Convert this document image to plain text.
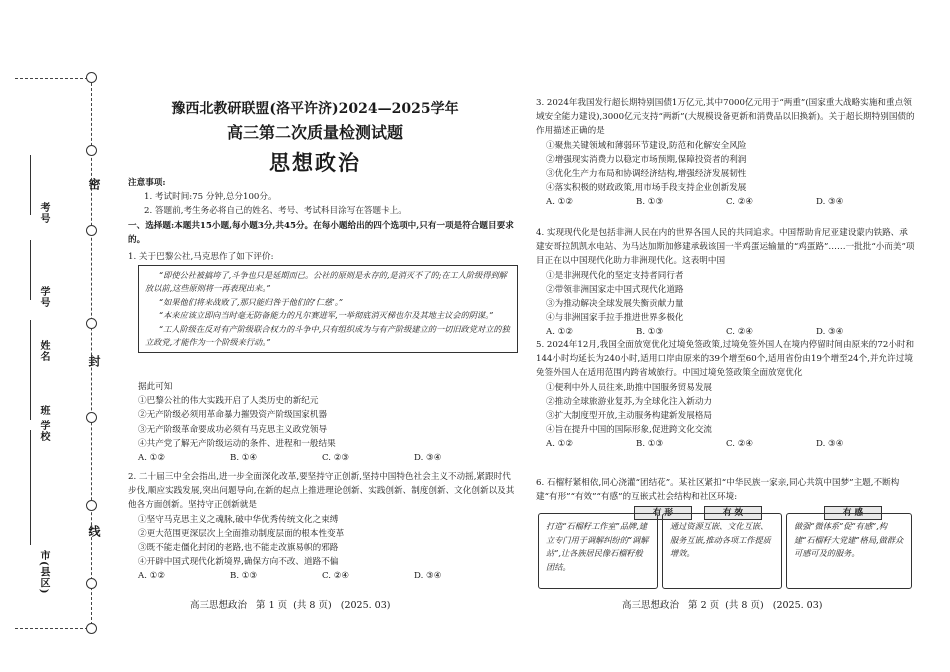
密
封
线
考号
学号
姓名
班
学校
市(县区)
豫西北教研联盟(洛平许济)2024—2025学年
高三第二次质量检测试题
思想政治
注意事项:
1. 考试时间:75 分钟,总分100分。
2. 答题前,考生务必将自己的姓名、考号、考试科目涂写在答题卡上。
一、选择题:本题共15小题,每小题3分,共45分。在每小题给出的四个选项中,只有一项是符合题目要求的。
1. 关于巴黎公社,马克思作了如下评价:

“即使公社被搞垮了,斗争也只是延期而已。公社的原则是永存的,是消灭不了的;在工人阶级得到解放以前,这些原则将一再表现出来。”

“如果他们将来战败了,那只能归咎于他们的‘仁慈’。”

“本来应该立即向当时毫无防备能力的凡尔赛进军,一举彻底消灭梯也尔及其地主议会的阴谋。”

“工人阶级在反对有产阶级联合权力的斗争中,只有组织成为与有产阶级建立的一切旧政党对立的独立政党,才能作为一个阶级来行动。”

据此可知
①巴黎公社的伟大实践开启了人类历史的新纪元
②无产阶级必须用革命暴力摧毁资产阶级国家机器
③无产阶级革命要成功必须有马克思主义政党领导
④共产党了解无产阶级运动的条件、进程和一般结果
A. ①②	B. ①④	C. ②③	D. ③④
2. 二十届三中全会指出,进一步全面深化改革,要坚持守正创新,坚持中国特色社会主义不动摇,紧跟时代步伐,顺应实践发展,突出问题导向,在新的起点上推进理论创新、实践创新、制度创新、文化创新以及其他各方面创新。坚持守正创新就是
①坚守马克思主义之魂脉,破中华优秀传统文化之束缚
②更大范围更深层次上全面推动制度层面的根本性变革
③既不能走僵化封闭的老路,也不能走改旗易帜的邪路
④开辟中国式现代化新境界,确保方向不改、道路不偏
A. ①②	B. ①③	C. ②④	D. ③④
高三思想政治   第 1 页  (共 8 页)   (2025. 03)
3. 2024年我国发行超长期特别国债1万亿元,其中7000亿元用于“两重”(国家重大战略实施和重点领域安全能力建设),3000亿元支持“两新”(大规模设备更新和消费品以旧换新)。关于超长期特别国债的作用描述正确的是
①聚焦关键领域和薄弱环节建设,防范和化解安全风险
②增强现实消费力以稳定市场预期,保障投资者的利润
③优化生产力布局和协调经济结构,增强经济发展韧性
④落实积极的财政政策,用市场手段支持企业创新发展
A. ①②	B. ①③	C. ②④	D. ③④
4. 实现现代化是包括非洲人民在内的世界各国人民的共同追求。中国帮助肯尼亚建设蒙内铁路、承建安哥拉凯凯水电站、为马达加斯加修建承载该国一半鸡蛋运输量的“鸡蛋路”……一批批“小而美”项目正在以中国现代化助力非洲现代化。这表明中国
①是非洲现代化的坚定支持者同行者
②带领非洲国家走中国式现代化道路
③为推动解决全球发展失衡贡献力量
④与非洲国家手拉手推进世界多极化
A. ①②	B. ①③	C. ②④	D. ③④
5. 2024年12月,我国全面放宽优化过境免签政策,过境免签外国人在境内停留时间由原来的72小时和144小时均延长为240小时,适用口岸由原来的39个增至60个,适用省份由19个增至24个,并允许过境免签外国人在适用范围内跨省域旅行。中国过境免签政策全面放宽优化
①便利中外人员往来,助推中国服务贸易发展
②推动全球旅游业复苏,为全球化注入新动力
③扩大制度型开放,主动服务构建新发展格局
④旨在提升中国的国际形象,促进跨文化交流
A. ①②	B. ①③	C. ②④	D. ③④
6. 石榴籽紧相依,同心浇灌“团结花”。某社区紧扣“中华民族一家亲,同心共筑中国梦”主题,不断构建“有形”“有效”“有感”的互嵌式社会结构和社区环境:
有 形
打造“石榴籽工作室”品牌,建立专门用于调解纠纷的“调解站”,让各族居民像石榴籽般团结。
有 效
通过资源互嵌、文化互嵌、服务互嵌,推动各项工作提质增效。
有 感
做强“微体系”促“有感”,构建“石榴籽大党建”格局,做群众可感可及的服务。
高三思想政治   第 2 页  (共 8 页)   (2025. 03)
